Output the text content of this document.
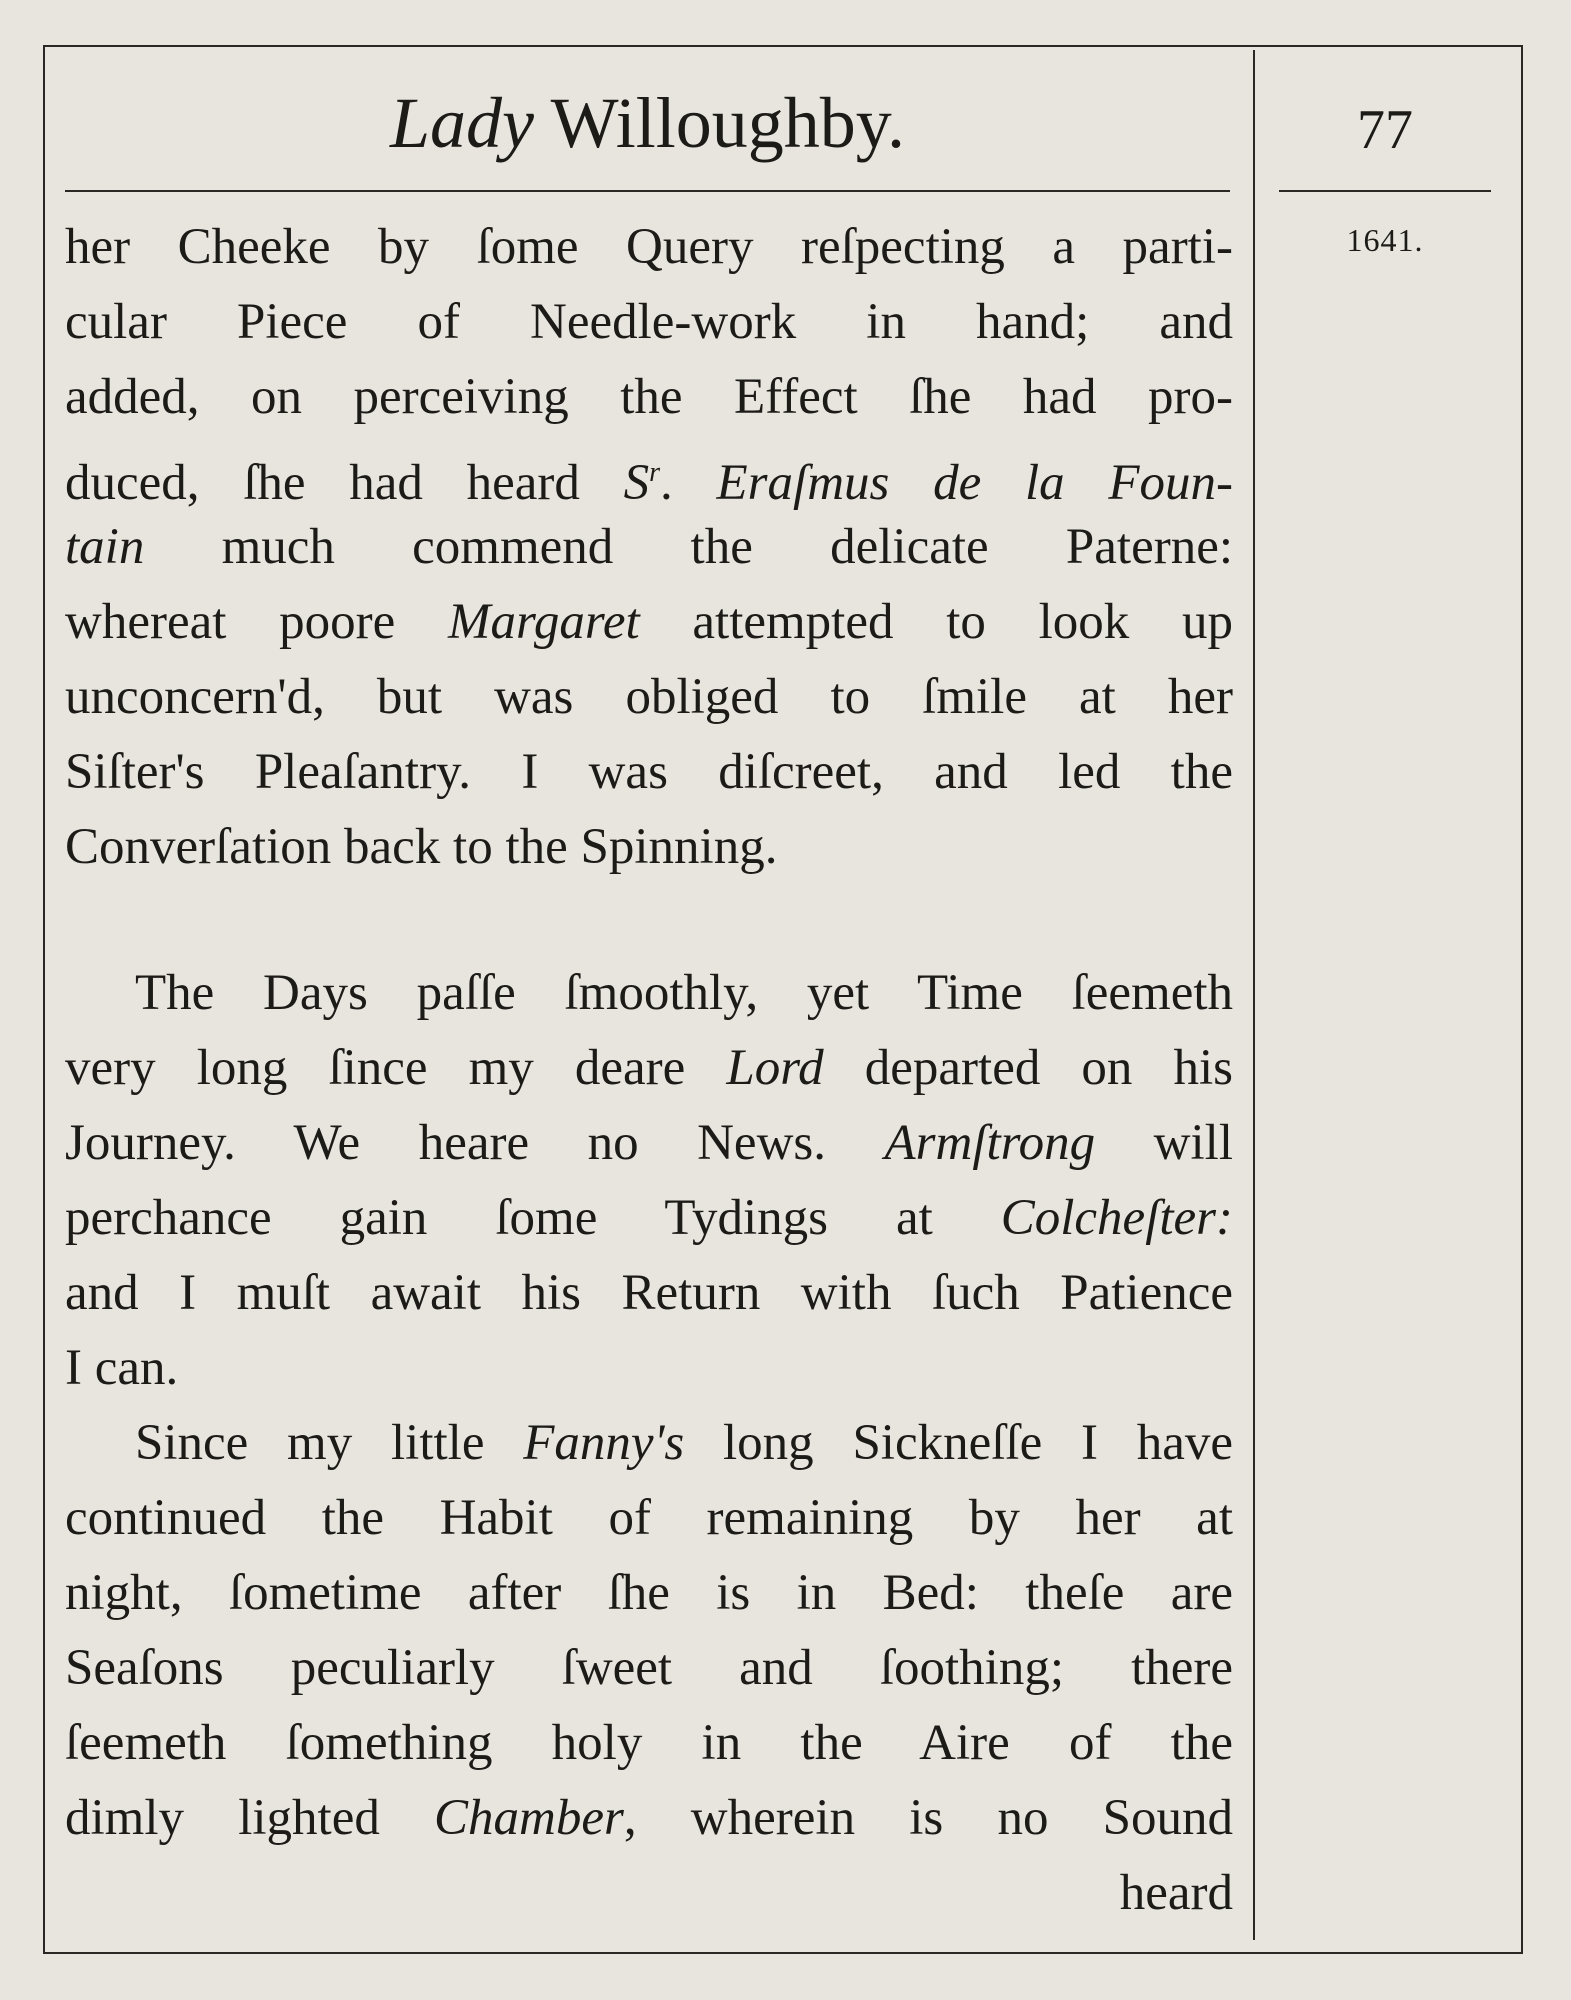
Lady Willoughby.	77
1641.
her Cheeke by ſome Query reſpecting a parti-
cular Piece of Needle-work in hand; and
added, on perceiving the Effect ſhe had pro-
duced, ſhe had heard $S^r$. Eraſmus de la Foun-
tain much commend the delicate Paterne:
whereat poore Margaret attempted to look up
unconcern'd, but was obliged to ſmile at her
Siſter's Pleaſantry. I was diſcreet, and led the
Converſation back to the Spinning.
The Days paſſe ſmoothly, yet Time ſeemeth
very long ſince my deare Lord departed on his
Journey. We heare no News. Armſtrong will
perchance gain ſome Tydings at Colcheſter:
and I muſt await his Return with ſuch Patience
I can.
Since my little Fanny's long Sickneſſe I have
continued the Habit of remaining by her at
night, ſometime after ſhe is in Bed: theſe are
Seaſons peculiarly ſweet and ſoothing; there
ſeemeth ſomething holy in the Aire of the
dimly lighted Chamber, wherein is no Sound
heard
